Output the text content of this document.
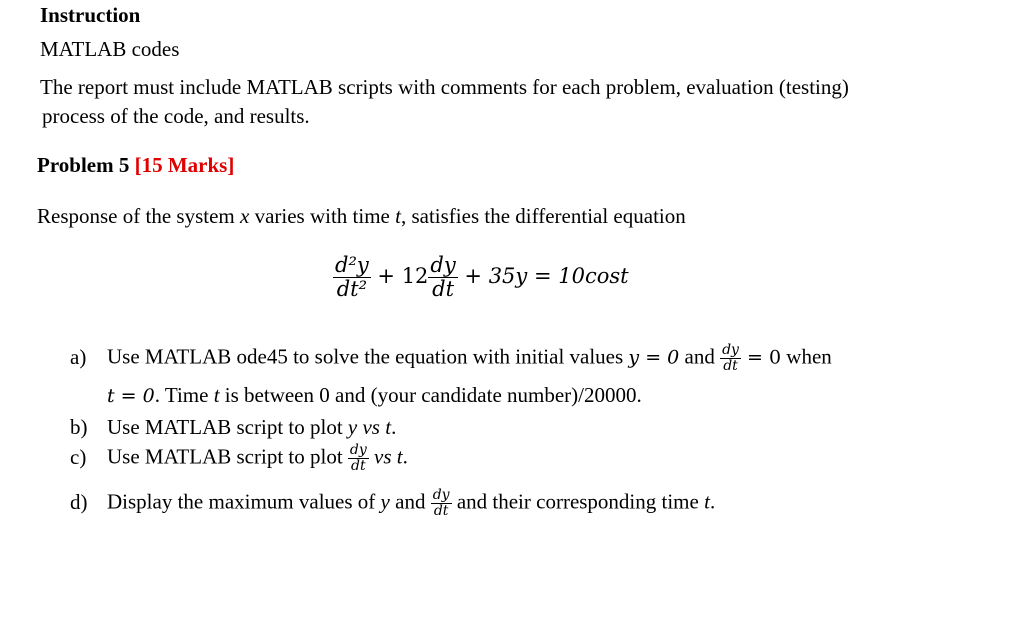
Instruction
MATLAB codes
The report must include MATLAB scripts with comments for each problem, evaluation (testing)
process of the code, and results.
Problem 5 [15 Marks]
Response of the system x varies with time t, satisfies the differential equation
$\frac{\text{d²y}}{\text{dt²}} + 12 \frac{dy}{dt} + 35y = 10\cos t$
a) Use MATLAB ode45 to solve the equation with initial values y = 0 and $\frac{dy}{dt} = 0$ when
t = 0. Time t is between 0 and (your candidate number)/20000.
b) Use MATLAB script to plot y vs t.
c) Use MATLAB script to plot $\frac{dy}{dt}$ vs t.
d) Display the maximum values of y and $\frac{dy}{dt}$ and their corresponding time t.
